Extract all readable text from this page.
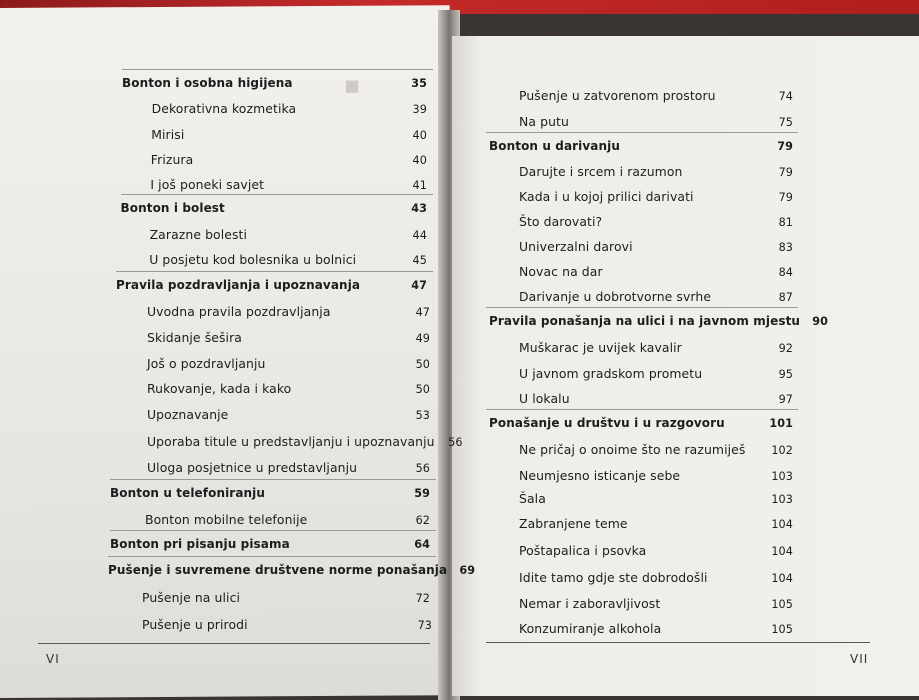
■
Bonton i osobna higijena	35
Dekorativna kozmetika	39
Mirisi	40
Frizura	40
I još poneki savjet	41
Bonton i bolest	43
Zarazne bolesti	44
U posjetu kod bolesnika u bolnici	45
Pravila pozdravljanja i upoznavanja	47
Uvodna pravila pozdravljanja	47
Skidanje šešira	49
Još o pozdravljanju	50
Rukovanje, kada i kako	50
Upoznavanje	53
Uporaba titule u predstavljanju i upoznavanju	56
Uloga posjetnice u predstavljanju	56
Bonton u telefoniranju	59
Bonton mobilne telefonije	62
Bonton pri pisanju pisama	64
Pušenje i suvremene društvene norme ponašanja	69
Pušenje na ulici	72
Pušenje u prirodi	73
Pušenje u zatvorenom prostoru	74
Na putu	75
Bonton u darivanju	79
Darujte i srcem i razumon	79
Kada i u kojoj prilici darivati	79
Što darovati?	81
Univerzalni darovi	83
Novac na dar	84
Darivanje u dobrotvorne svrhe	87
Pravila ponašanja na ulici i na javnom mjestu	90
Muškarac je uvijek kavalir	92
U javnom gradskom prometu	95
U lokalu	97
Ponašanje u društvu i u razgovoru	101
Ne pričaj o onoime što ne razumiješ	102
Neumjesno isticanje sebe	103
Šala	103
Zabranjene teme	104
Poštapalica i psovka	104
Idite tamo gdje ste dobrodošli	104
Nemar i zaboravljivost	105
Konzumiranje alkohola	105
VI	VII
